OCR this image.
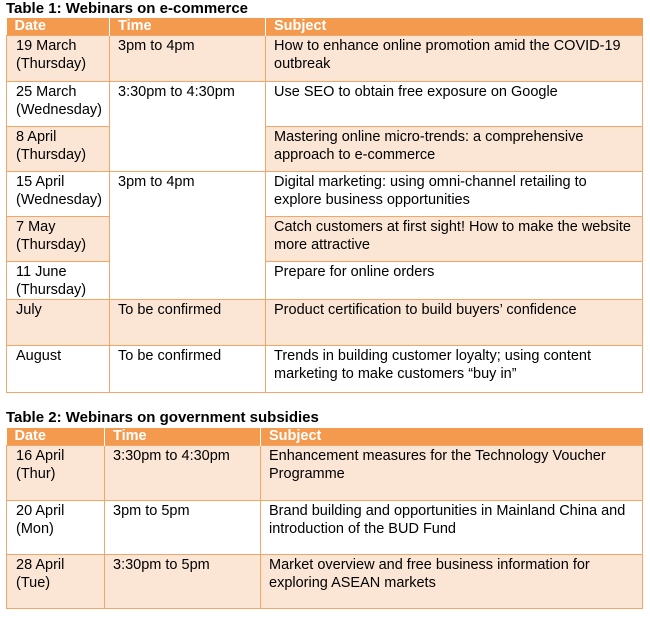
Table 1: Webinars on e-commerce
Date	Time	Subject
19 March
(Thursday)	3pm to 4pm	How to enhance online promotion amid the COVID-19 outbreak
25 March
(Wednesday)	3:30pm to 4:30pm	Use SEO to obtain free exposure on Google
8 April
(Thursday)		Mastering online micro-trends: a comprehensive approach to e-commerce
15 April
(Wednesday)	3pm to 4pm	Digital marketing: using omni-channel retailing to explore business opportunities
7 May
(Thursday)		Catch customers at first sight! How to make the website more attractive
11 June
(Thursday)		Prepare for online orders
July	To be confirmed	Product certification to build buyers’ confidence
August	To be confirmed	Trends in building customer loyalty; using content marketing to make customers “buy in”
Table 2: Webinars on government subsidies
Date	Time	Subject
16 April
(Thur)	3:30pm to 4:30pm	Enhancement measures for the Technology Voucher Programme
20 April
(Mon)	3pm to 5pm	Brand building and opportunities in Mainland China and introduction of the BUD Fund
28 April
(Tue)	3:30pm to 5pm	Market overview and free business information for exploring ASEAN markets
